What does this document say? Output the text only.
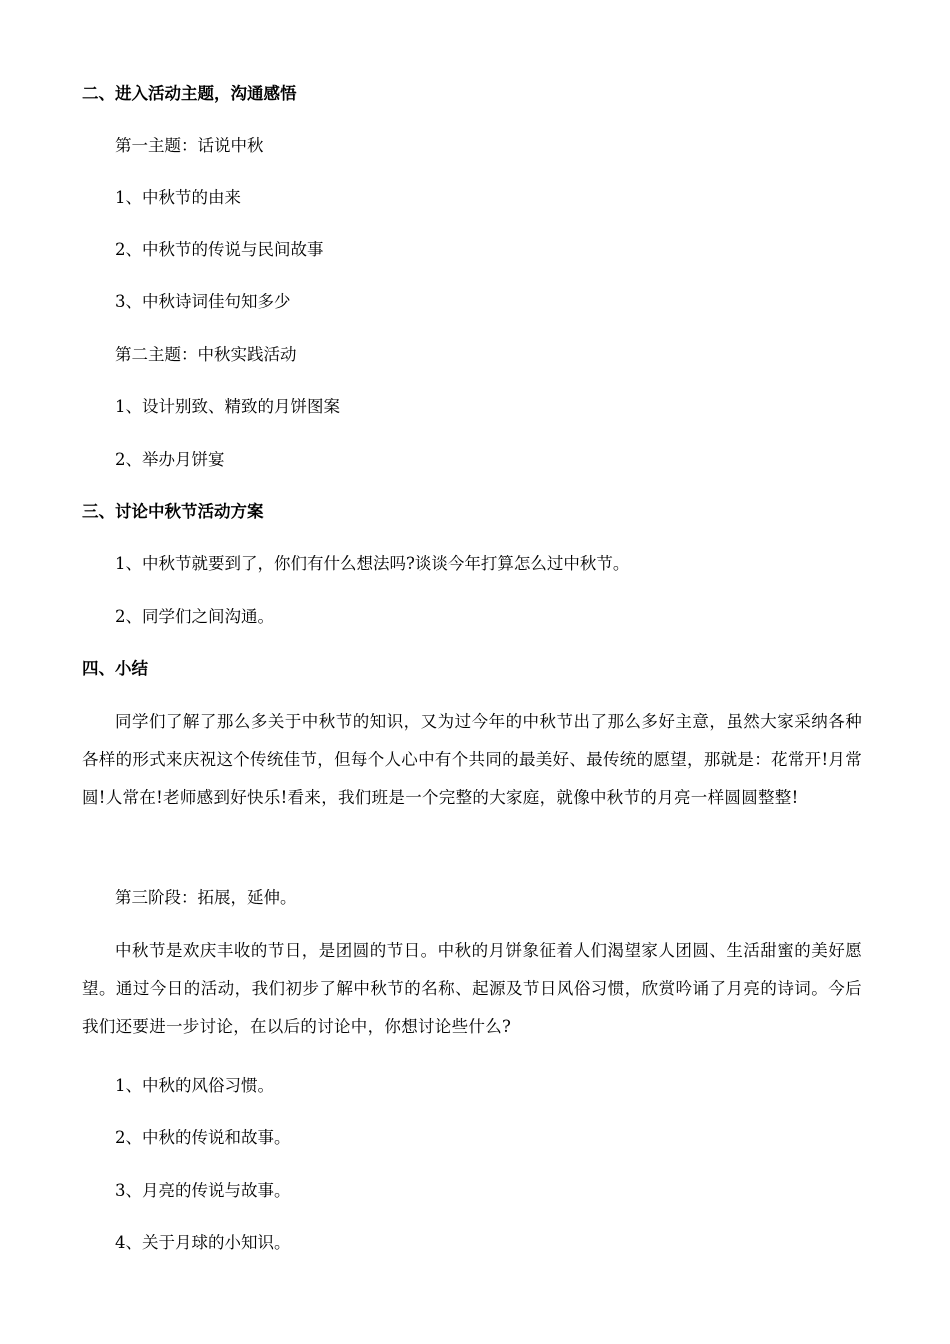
二、进入活动主题，沟通感悟

第一主题：话说中秋

1、中秋节的由来

2、中秋节的传说与民间故事

3、中秋诗词佳句知多少

第二主题：中秋实践活动

1、设计别致、精致的月饼图案

2、举办月饼宴

三、讨论中秋节活动方案

1、中秋节就要到了，你们有什么想法吗?谈谈今年打算怎么过中秋节。

2、同学们之间沟通。

四、小结

同学们了解了那么多关于中秋节的知识，又为过今年的中秋节出了那么多好主意，虽然大家采纳各种各样的形式来庆祝这个传统佳节，但每个人心中有个共同的最美好、最传统的愿望，那就是：花常开!月常圆!人常在!老师感到好快乐!看来，我们班是一个完整的大家庭，就像中秋节的月亮一样圆圆整整!

第三阶段：拓展，延伸。

中秋节是欢庆丰收的节日，是团圆的节日。中秋的月饼象征着人们渴望家人团圆、生活甜蜜的美好愿望。通过今日的活动，我们初步了解中秋节的名称、起源及节日风俗习惯，欣赏吟诵了月亮的诗词。今后我们还要进一步讨论，在以后的讨论中，你想讨论些什么?

1、中秋的风俗习惯。

2、中秋的传说和故事。

3、月亮的传说与故事。

4、关于月球的小知识。
